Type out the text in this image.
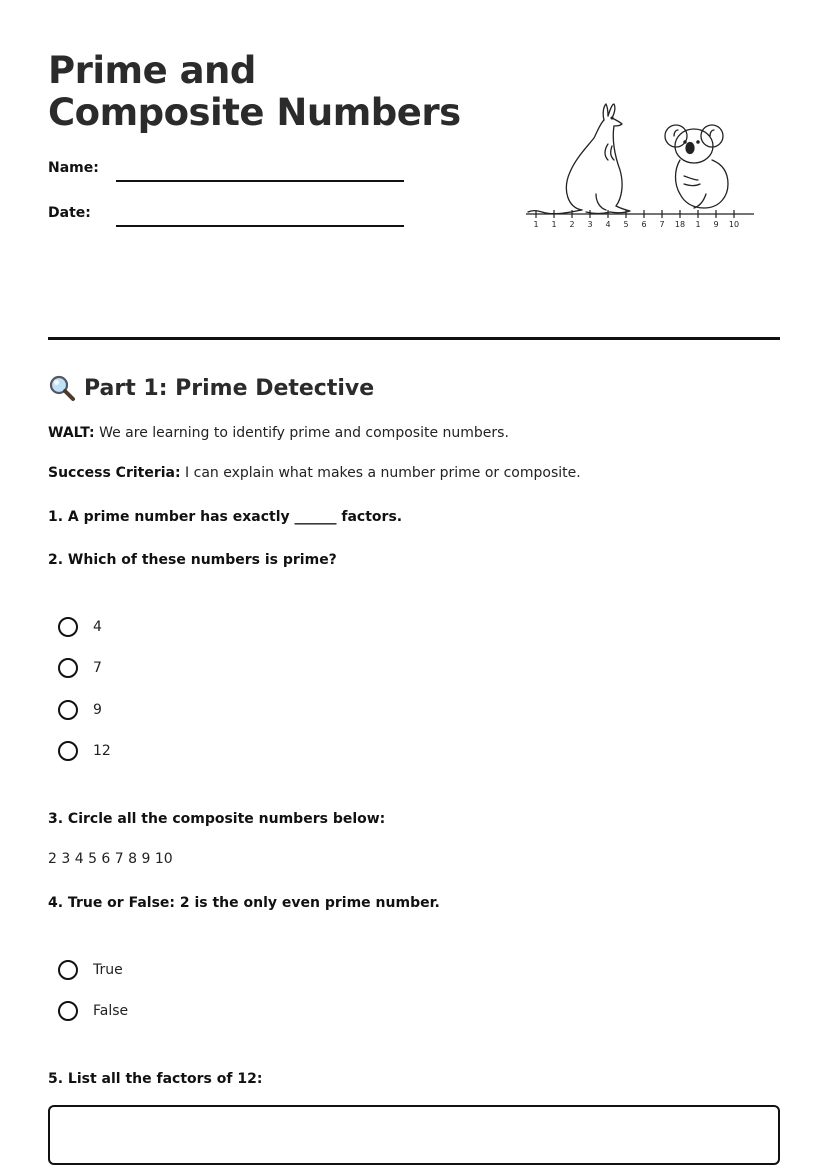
Prime and Composite Numbers
Name:
Date:
1 1 2 3 4 5 6 7 18 1 9 10
Part 1: Prime Detective
WALT: We are learning to identify prime and composite numbers.
Success Criteria: I can explain what makes a number prime or composite.
1. A prime number has exactly ______ factors.
2. Which of these numbers is prime?
4
7
9
12
3. Circle all the composite numbers below:
2 3 4 5 6 7 8 9 10
4. True or False: 2 is the only even prime number.
True
False
5. List all the factors of 12:
